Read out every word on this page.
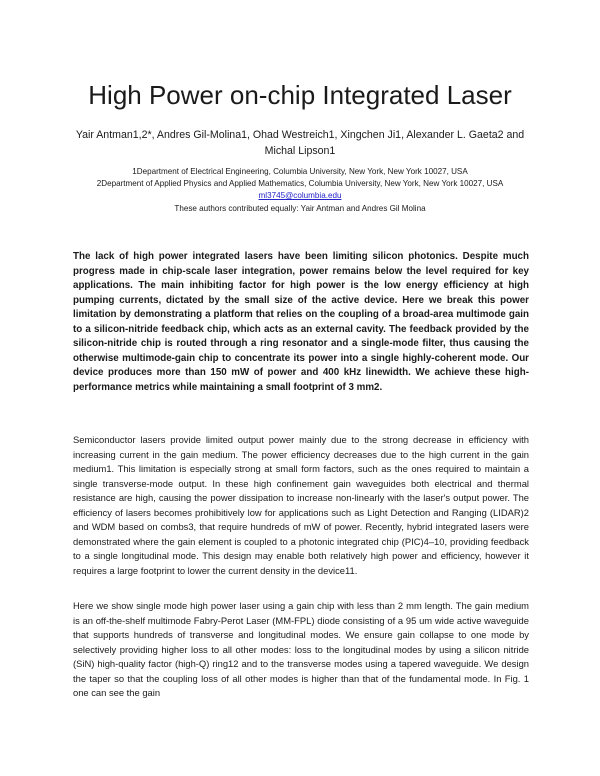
High Power on-chip Integrated Laser

Yair Antman1,2*, Andres Gil-Molina1, Ohad Westreich1, Xingchen Ji1, Alexander L. Gaeta2 and Michal Lipson1

1Department of Electrical Engineering, Columbia University, New York, New York 10027, USA

2Department of Applied Physics and Applied Mathematics, Columbia University, New York, New York 10027, USA

ml3745@columbia.edu

These authors contributed equally: Yair Antman and Andres Gil Molina

The lack of high power integrated lasers have been limiting silicon photonics. Despite much progress made in chip-scale laser integration, power remains below the level required for key applications. The main inhibiting factor for high power is the low energy efficiency at high pumping currents, dictated by the small size of the active device. Here we break this power limitation by demonstrating a platform that relies on the coupling of a broad-area multimode gain to a silicon-nitride feedback chip, which acts as an external cavity. The feedback provided by the silicon-nitride chip is routed through a ring resonator and a single-mode filter, thus causing the otherwise multimode-gain chip to concentrate its power into a single highly-coherent mode. Our device produces more than 150 mW of power and 400 kHz linewidth. We achieve these high-performance metrics while maintaining a small footprint of 3 mm2.

Semiconductor lasers provide limited output power mainly due to the strong decrease in efficiency with increasing current in the gain medium. The power efficiency decreases due to the high current in the gain medium1. This limitation is especially strong at small form factors, such as the ones required to maintain a single transverse-mode output. In these high confinement gain waveguides both electrical and thermal resistance are high, causing the power dissipation to increase non-linearly with the laser's output power. The efficiency of lasers becomes prohibitively low for applications such as Light Detection and Ranging (LIDAR)2 and WDM based on combs3, that require hundreds of mW of power. Recently, hybrid integrated lasers were demonstrated where the gain element is coupled to a photonic integrated chip (PIC)4–10, providing feedback to a single longitudinal mode. This design may enable both relatively high power and efficiency, however it requires a large footprint to lower the current density in the device11.

Here we show single mode high power laser using a gain chip with less than 2 mm length. The gain medium is an off-the-shelf multimode Fabry-Perot Laser (MM-FPL) diode consisting of a 95 um wide active waveguide that supports hundreds of transverse and longitudinal modes. We ensure gain collapse to one mode by selectively providing higher loss to all other modes: loss to the longitudinal modes by using a silicon nitride (SiN) high-quality factor (high-Q) ring12 and to the transverse modes using a tapered waveguide. We design the taper so that the coupling loss of all other modes is higher than that of the fundamental mode. In Fig. 1 one can see the gain
